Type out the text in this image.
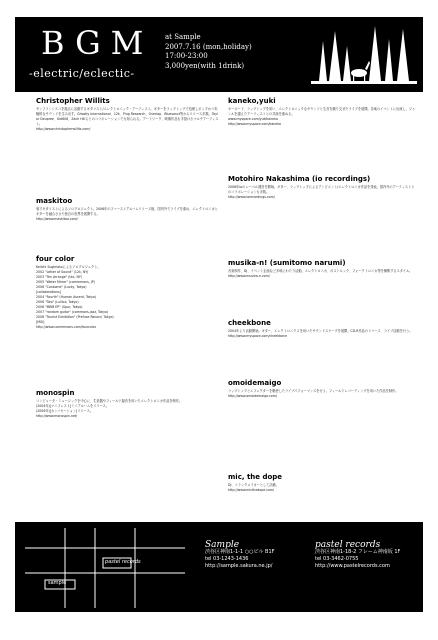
BGM
-electric/eclectic-
at Sample
2007.7.16 (mon,holiday)
17:00-23:00
3,000yen(with 1drink)
Christopher Willits
サンフランシスコを拠点に活動するギタリスト/エレクトロニック・アーティスト。ギターをラップトップで処理しポップかつ実験的なサウンドを生み出す。Ghostly International、12k、Plug Research、Overlap、Bluesanct等からリリース多数。Taylor Deupree、Kid606、Zach Hillらとのコラボレーションでも知られる。アートワーク、映像作品も手掛けるマルチアーティスト。
http://www.christopherwillits.com/
maskitoo
鬼才ギタリストによるソロプロジェクト。2006年のファーストアルバムリリース後、国内外でライブを重ね、エレクトロニカとギターを融合させた独自の世界を展開する。
http://www.maskitoo.com/
four color
Keiichi Sugimotoによるソロプロジェクト。
2002 "Letter of Sound" (12k, NY)
2003 "Ten Arrange" (tbc, NY)
2005 "Water Mirror" (commmons, JP)
2006 "Consome" (Lucky, Tokyo)
[collaborations]
2004 "Fourth" (Human Ascent, Tokyo)
2006 "Two" (Lullica, Tokyo)
2006 "MBM EP" (Spur, Tokyo)
2007 "random guitar" (commons-jazz, Tokyo)
2006 "Tourist Exhibition" (Prefuse Record, Tokyo)
[MIX]
http://www.commmons.com/fourcolor
monospin
コンピュータ・ミュージックを中心に、生楽器やフィールド録音を用いたエレクトロニカ作品を制作。
(2004年)[マニフェスト]ミニアルバムをリリース。
(2006年)[カンバセーション]リリース。
http://www.monospin.net/
kaneko,yuki
キーボード、ラップトップを用い、エレクトロニックなサウンドと生音を織り交ぜたライブを展開。各地のイベントに出演し、ジャンルを越えたアーティストとの共演を重ねる。
www.myspace.com/yukikaneko
http://www.myspace.com/kaneko
Motohiro Nakashima (io recordings)
2006年ioのレーベル運営を開始。ギター、ラップトップによるアンビエント/エレクトロニカ作品を発表。国内外のアーティストとのコラボレーションも多数。
http://www.iorecordings.com/
musika-n! (sumitomo narumi)
音楽制作、DJ、イベント企画など多岐にわたり活動。エレクトロニカ、ポストロック、フォークトロニカ等を横断するスタイル。
http://www.musika-n.com/
cheekbone
2004年より活動開始。ギター、エレクトロニクスを用いたサウンドスケープを展開。CD-R作品のリリース、ライブ活動を行う。
http://www.myspace.com/cheekbone
omoidemaigo
ラップトップとエフェクターを駆使したライブパフォーマンスを行う。フィールドレコーディングを用いた作品を制作。
http://www.omoidemaigo.com/
mic, the dope
DJ、トラックメイカーとして活動。
http://www.micthedope.com/
pastel records
sample
Sample
渋谷区神南1-1-1 ○○ビル B1F
tel 03-1243-1436
http://sample.sakura.ne.jp/
pastel records
渋谷区神南1-18-2 フレーム神南坂 1F
tel 03-3462-0755
http://www.pastelrecords.com
